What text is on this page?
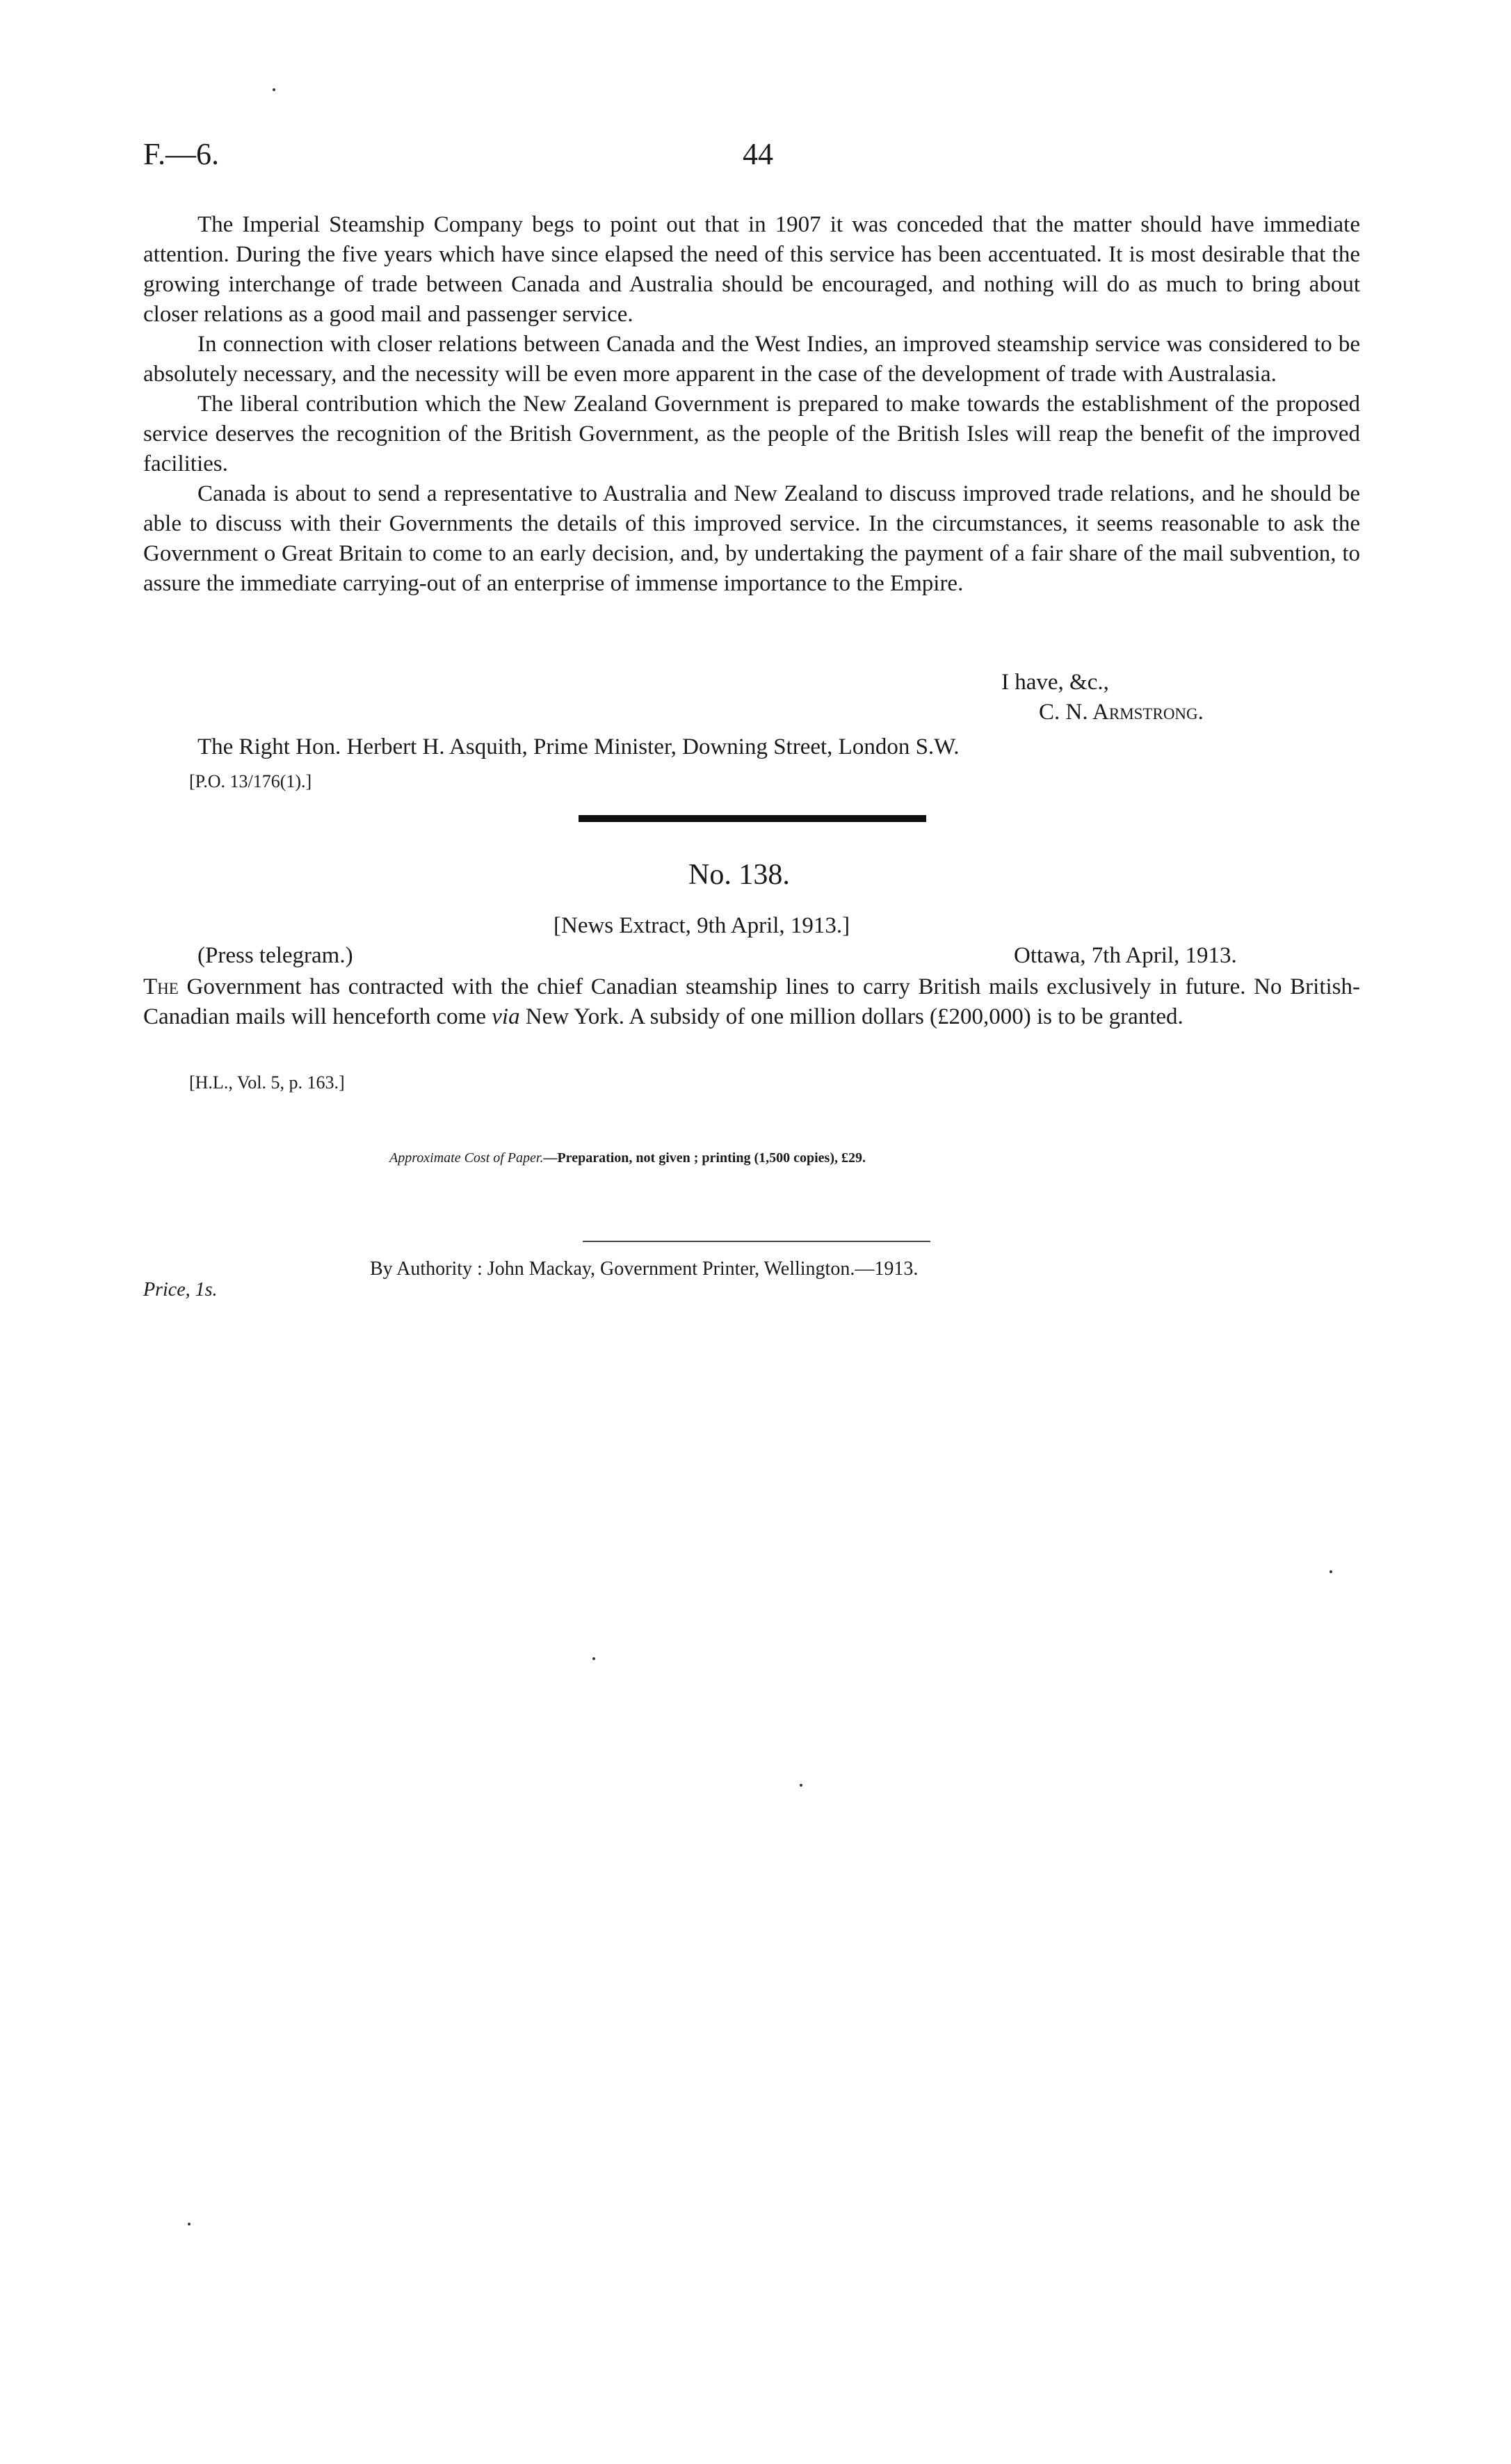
F.—6.	44

The Imperial Steamship Company begs to point out that in 1907 it was conceded that the matter should have immediate attention. During the five years which have since elapsed the need of this service has been accentuated. It is most desirable that the growing interchange of trade between Canada and Australia should be encouraged, and nothing will do as much to bring about closer relations as a good mail and passenger service.

In connection with closer relations between Canada and the West Indies, an improved steamship service was considered to be absolutely necessary, and the necessity will be even more apparent in the case of the development of trade with Australasia.

The liberal contribution which the New Zealand Government is prepared to make towards the establishment of the proposed service deserves the recognition of the British Government, as the people of the British Isles will reap the benefit of the improved facilities.

Canada is about to send a representative to Australia and New Zealand to discuss improved trade relations, and he should be able to discuss with their Governments the details of this improved service. In the circumstances, it seems reasonable to ask the Government o Great Britain to come to an early decision, and, by undertaking the payment of a fair share of the mail subvention, to assure the immediate carrying-out of an enterprise of immense importance to the Empire.

I have, &c.,
C. N. Armstrong.
The Right Hon. Herbert H. Asquith, Prime Minister, Downing Street, London S.W.
[P.O. 13/176(1).]
No. 138.
[News Extract, 9th April, 1913.]
(Press telegram.)	Ottawa, 7th April, 1913.

The Government has contracted with the chief Canadian steamship lines to carry British mails exclusively in future. No British-Canadian mails will henceforth come via New York. A subsidy of one million dollars (£200,000) is to be granted.

[H.L., Vol. 5, p. 163.]
Approximate Cost of Paper.—Preparation, not given ; printing (1,500 copies), £29.
By Authority : John Mackay, Government Printer, Wellington.—1913.
Price, 1s.
